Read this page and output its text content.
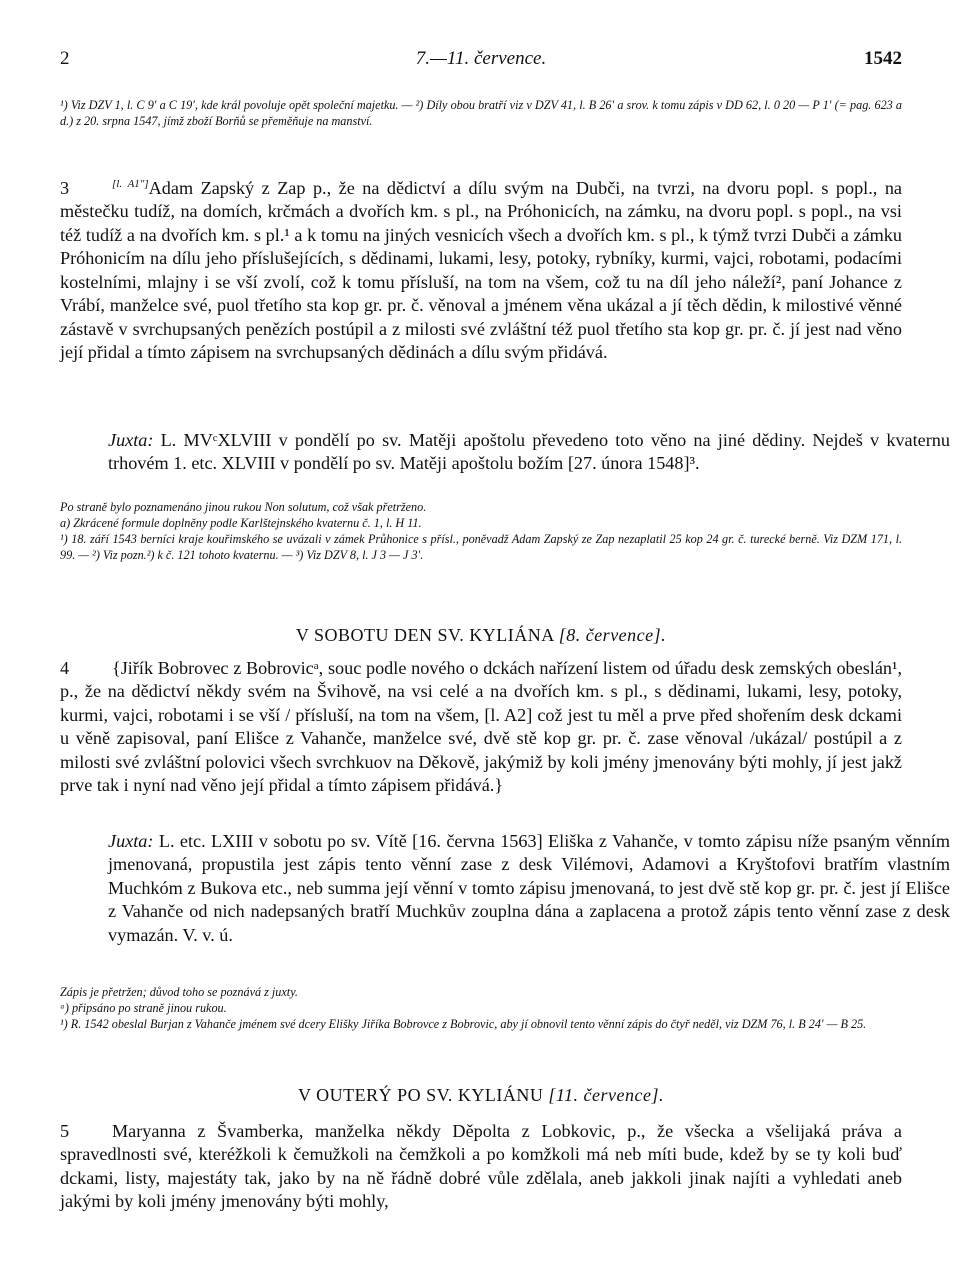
2	7.—11. července.	1542
¹) Viz DZV 1, l. C 9′ a C 19′, kde král povoluje opět společní majetku. — ²) Díly obou bratří viz v DZV 41, l. B 26′ a srov. k tomu zápis v DD 62, l. 0 20 — P 1′ (= pag. 623 a d.) z 20. srpna 1547, jímž zboží Borňů se přeměňuje na manství.
3	[l. A1″]Adam Zapský z Zap p., že na dědictví a dílu svým na Dubči, na tvrzi, na dvoru popl. s popl., na městečku tudíž, na domích, krčmách a dvořích km. s pl., na Próhonicích, na zámku, na dvoru popl. s popl., na vsi též tudíž a na dvořích km. s pl.¹ a k tomu na jiných vesnicích všech a dvořích km. s pl., k týmž tvrzi Dubči a zámku Próhonicím na dílu jeho příslušejících, s dědinami, lukami, lesy, potoky, rybníky, kurmi, vajci, robotami, podacími kostelními, mlajny i se vší zvolí, což k tomu přísluší, na tom na všem, což tu na díl jeho náleží², paní Johance z Vrábí, manželce své, puol třetího sta kop gr. pr. č. věnoval a jménem věna ukázal a jí těch dědin, k milostivé věnné zástavě v svrchupsaných penězích postúpil a z milosti své zvláštní též puol třetího sta kop gr. pr. č. jí jest nad věno její přidal a tímto zápisem na svrchupsaných dědinách a dílu svým přidává.
Juxta: L. MVᶜXLVIII v pondělí po sv. Matěji apoštolu převedeno toto věno na jiné dědiny. Nejdeš v kvaternu trhovém 1. etc. XLVIII v pondělí po sv. Matěji apoštolu božím [27. února 1548]³.
Po straně bylo poznamenáno jinou rukou Non solutum, což však přetrženo.
a) Zkrácené formule doplněny podle Karlštejnského kvaternu č. 1, l. H 11.
¹) 18. září 1543 berníci kraje kouřimského se uvázali v zámek Průhonice s přísl., poněvadž Adam Zapský ze Zap nezaplatil 25 kop 24 gr. č. turecké berně. Viz DZM 171, l. 99. — ²) Viz pozn.²) k č. 121 tohoto kvaternu. — ³) Viz DZV 8, l. J 3 — J 3′.
V SOBOTU DEN SV. KYLIÁNA [8. července].
4 {Jiřík Bobrovec z Bobrovicᵃ, souc podle nového o dckách nařízení listem od úřadu desk zemských obeslán¹, p., že na dědictví někdy svém na Švihově, na vsi celé a na dvořích km. s pl., s dědinami, lukami, lesy, potoky, kurmi, vajci, robotami i se vší / přísluší, na tom na všem, [l. A2] což jest tu měl a prve před shořením desk dckami u věně zapisoval, paní Elišce z Vahanče, manželce své, dvě stě kop gr. pr. č. zase věnoval /ukázal/ postúpil a z milosti své zvláštní polovici všech svrchkuov na Děkově, jakýmiž by koli jmény jmenovány býti mohly, jí jest jakž prve tak i nyní nad věno její přidal a tímto zápisem přidává.}
Juxta: L. etc. LXIII v sobotu po sv. Vítě [16. června 1563] Eliška z Vahanče, v tomto zápisu níže psaným věnním jmenovaná, propustila jest zápis tento věnní zase z desk Vilémovi, Adamovi a Kryštofovi bratřím vlastním Muchkóm z Bukova etc., neb summa její věnní v tomto zápisu jmenovaná, to jest dvě stě kop gr. pr. č. jest jí Elišce z Vahanče od nich nadepsaných bratří Muchkův zouplna dána a zaplacena a protož zápis tento věnní zase z desk vymazán. V. v. ú.
Zápis je přetržen; důvod toho se poznává z juxty.
ᵃ) připsáno po straně jinou rukou.
¹) R. 1542 obeslal Burjan z Vahanče jménem své dcery Elišky Jiříka Bobrovce z Bobrovic, aby jí obnovil tento věnní zápis do čtyř neděl, viz DZM 76, l. B 24′ — B 25.
V OUTERÝ PO SV. KYLIÁNU [11. července].
5 Maryanna z Švamberka, manželka někdy Děpolta z Lobkovic, p., že všecka a všelijaká práva a spravedlnosti své, kteréžkoli k čemužkoli na čemžkoli a po komžkoli má neb míti bude, kdež by se ty koli buď dckami, listy, majestáty tak, jako by na ně řádně dobré vůle zdělala, aneb jakkoli jinak najíti a vyhledati aneb jakými by koli jmény jmenovány býti mohly,
